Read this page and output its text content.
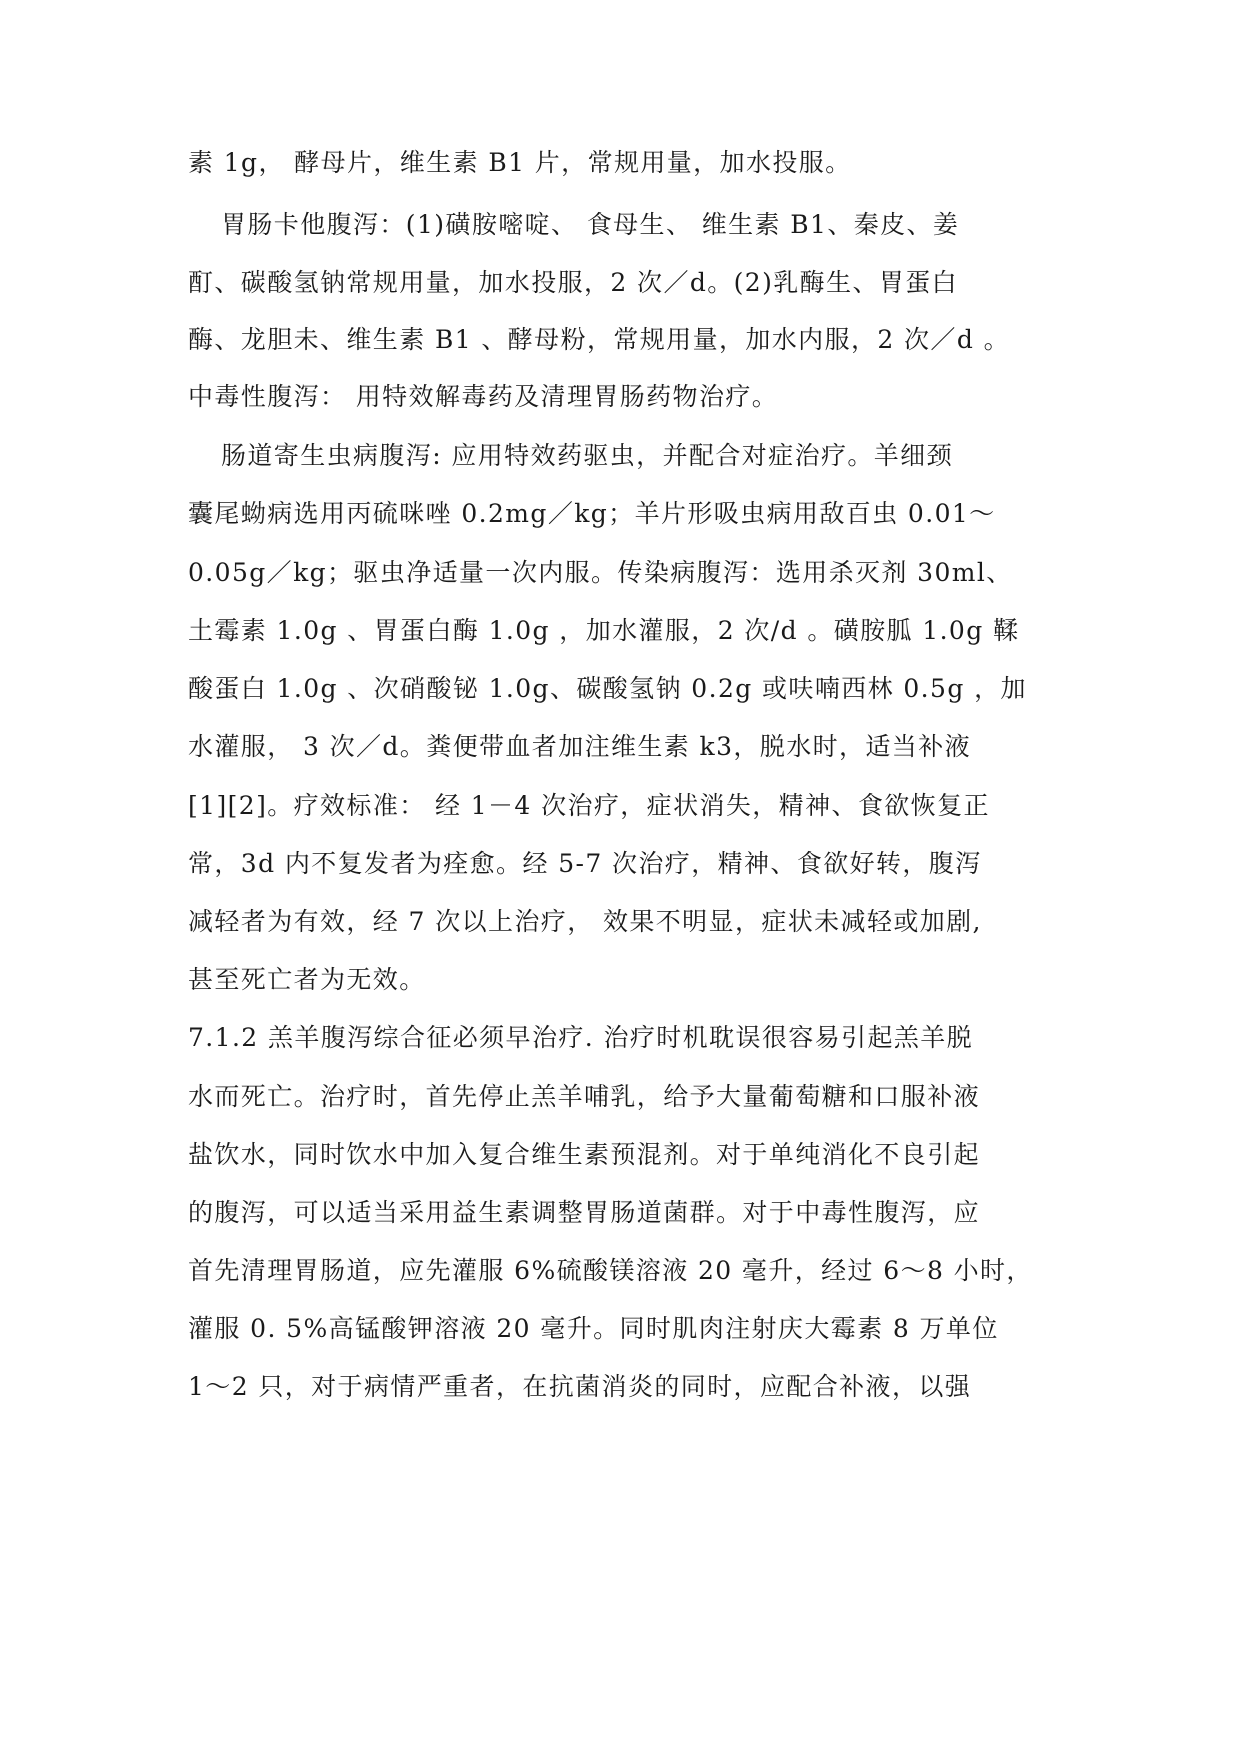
素 1g， 酵母片，维生素 B1 片，常规用量，加水投服。
胃肠卡他腹泻：(1)磺胺嘧啶、 食母生、 维生素 B1、秦皮、姜
酊、碳酸氢钠常规用量，加水投服，2 次／d。(2)乳酶生、胃蛋白
酶、龙胆未、维生素 B1 、酵母粉，常规用量，加水内服，2 次／d 。
中毒性腹泻： 用特效解毒药及清理胃肠药物治疗。
肠道寄生虫病腹泻: 应用特效药驱虫，并配合对症治疗。羊细颈
囊尾蚴病选用丙硫咪唑 0.2mg／kg；羊片形吸虫病用敌百虫 0.01～
0.05g／kg；驱虫净适量一次内服。传染病腹泻：选用杀灭剂 30ml、
土霉素 1.0g 、胃蛋白酶 1.0g ，加水灌服，2 次/d 。磺胺胍 1.0g 鞣
酸蛋白 1.0g 、次硝酸铋 1.0g、碳酸氢钠 0.2g 或呋喃西林 0.5g ，加
水灌服， 3 次／d。粪便带血者加注维生素 k3，脱水时，适当补液
[1][2]。疗效标准： 经 1－4 次治疗，症状消失，精神、食欲恢复正
常，3d 内不复发者为痊愈。经 5-7 次治疗，精神、食欲好转，腹泻
减轻者为有效，经 7 次以上治疗， 效果不明显，症状未减轻或加剧,
甚至死亡者为无效。
7.1.2 羔羊腹泻综合征必须早治疗. 治疗时机耽误很容易引起羔羊脱
水而死亡。治疗时，首先停止羔羊哺乳，给予大量葡萄糖和口服补液
盐饮水，同时饮水中加入复合维生素预混剂。对于单纯消化不良引起
的腹泻，可以适当采用益生素调整胃肠道菌群。对于中毒性腹泻，应
首先清理胃肠道，应先灌服 6%硫酸镁溶液 20 毫升，经过 6～8 小时，
灌服 0. 5%高锰酸钾溶液 20 毫升。同时肌肉注射庆大霉素 8 万单位
1～2 只，对于病情严重者，在抗菌消炎的同时，应配合补液，以强
